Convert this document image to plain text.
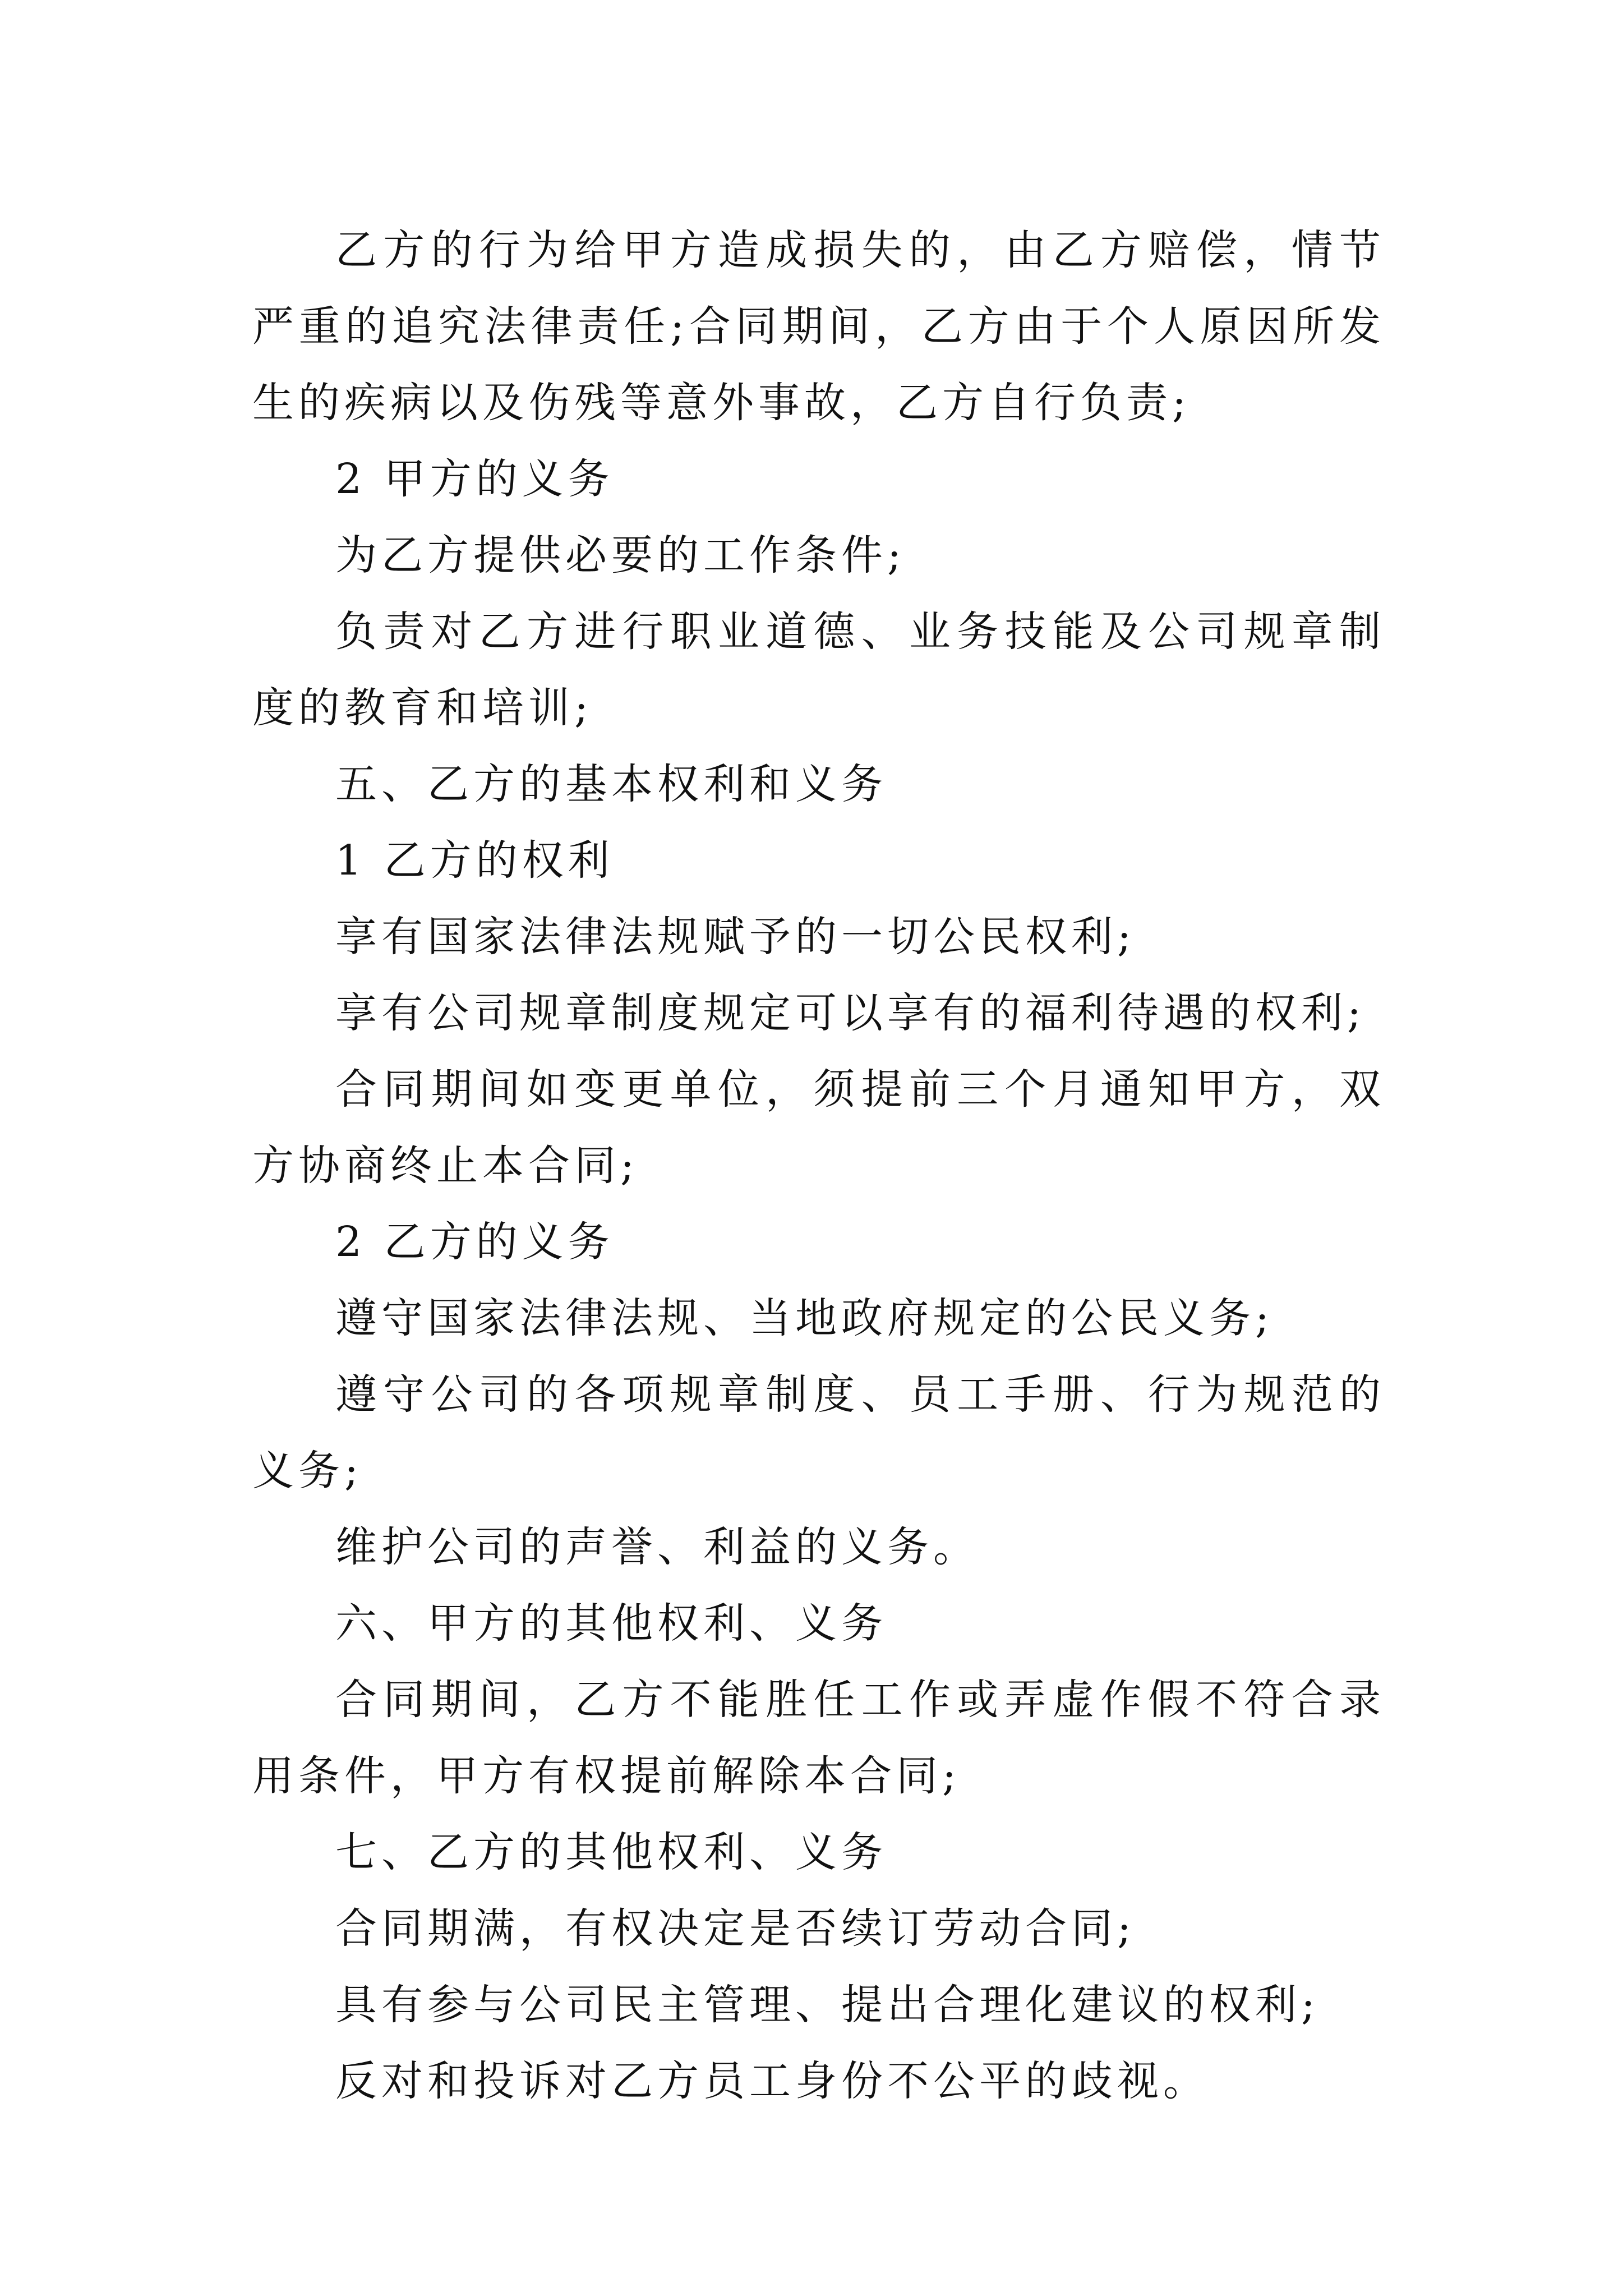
乙方的行为给甲方造成损失的，由乙方赔偿，情节严重的追究法律责任;合同期间，乙方由于个人原因所发生的疾病以及伤残等意外事故，乙方自行负责;

2 甲方的义务

为乙方提供必要的工作条件;

负责对乙方进行职业道德、业务技能及公司规章制度的教育和培训;

五、乙方的基本权利和义务

1 乙方的权利

享有国家法律法规赋予的一切公民权利;

享有公司规章制度规定可以享有的福利待遇的权利;

合同期间如变更单位，须提前三个月通知甲方，双方协商终止本合同;

2 乙方的义务

遵守国家法律法规、当地政府规定的公民义务;

遵守公司的各项规章制度、员工手册、行为规范的义务;

维护公司的声誉、利益的义务。

六、甲方的其他权利、义务

合同期间，乙方不能胜任工作或弄虚作假不符合录用条件，甲方有权提前解除本合同;

七、乙方的其他权利、义务

合同期满，有权决定是否续订劳动合同;

具有参与公司民主管理、提出合理化建议的权利;

反对和投诉对乙方员工身份不公平的歧视。
